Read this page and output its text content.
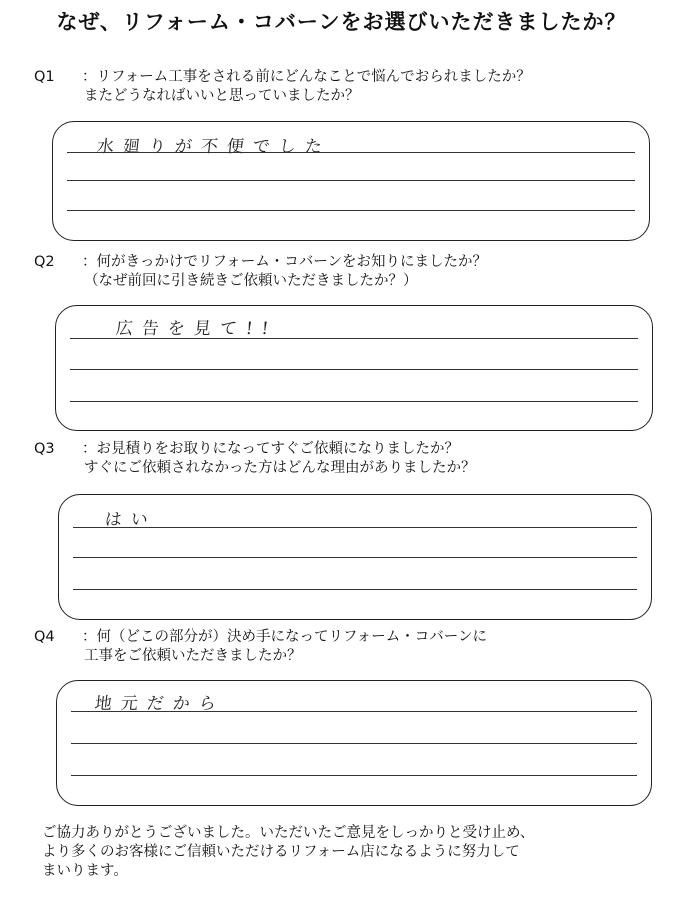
なぜ、リフォーム・コバーンをお選びいただきましたか？
Q1 ：リフォーム工事をされる前にどんなことで悩んでおられましたか？
またどうなればいいと思っていましたか？
水廻りが不便でした
Q2 ：何がきっかけでリフォーム・コバーンをお知りにましたか？
（なぜ前回に引き続きご依頼いただきましたか？）
広告を見て!!
Q3 ：お見積りをお取りになってすぐご依頼になりましたか？
すぐにご依頼されなかった方はどんな理由がありましたか？
はい
Q4 ：何（どこの部分が）決め手になってリフォーム・コバーンに
工事をご依頼いただきましたか？
地元だから
ご協力ありがとうございました。いただいたご意見をしっかりと受け止め、
より多くのお客様にご信頼いただけるリフォーム店になるように努力して
まいります。
